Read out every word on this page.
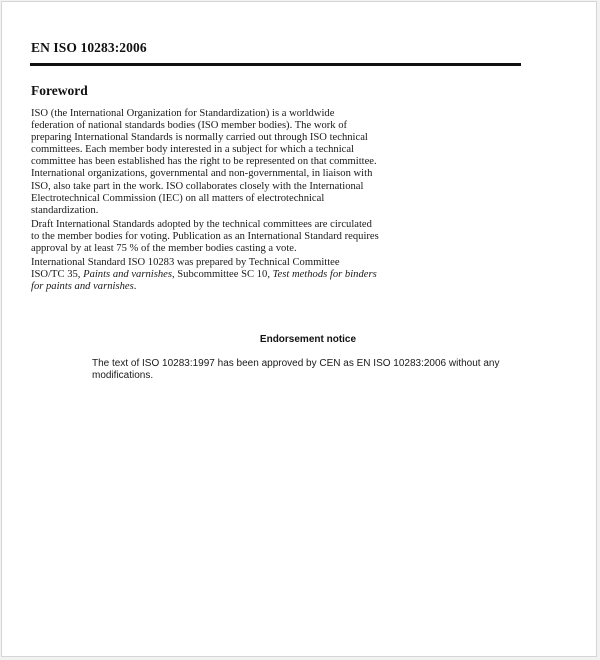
EN ISO 10283:2006
Foreword

ISO (the International Organization for Standardization) is a worldwide
federation of national standards bodies (ISO member bodies). The work of
preparing International Standards is normally carried out through ISO technical
committees. Each member body interested in a subject for which a technical
committee has been established has the right to be represented on that committee.
International organizations, governmental and non-governmental, in liaison with
ISO, also take part in the work. ISO collaborates closely with the International
Electrotechnical Commission (IEC) on all matters of electrotechnical
standardization.

Draft International Standards adopted by the technical committees are circulated
to the member bodies for voting. Publication as an International Standard requires
approval by at least 75 % of the member bodies casting a vote.

International Standard ISO 10283 was prepared by Technical Committee
ISO/TC 35, Paints and varnishes, Subcommittee SC 10, Test methods for binders
for paints and varnishes.

Endorsement notice

The text of ISO 10283:1997 has been approved by CEN as EN ISO 10283:2006 without any
modifications.
